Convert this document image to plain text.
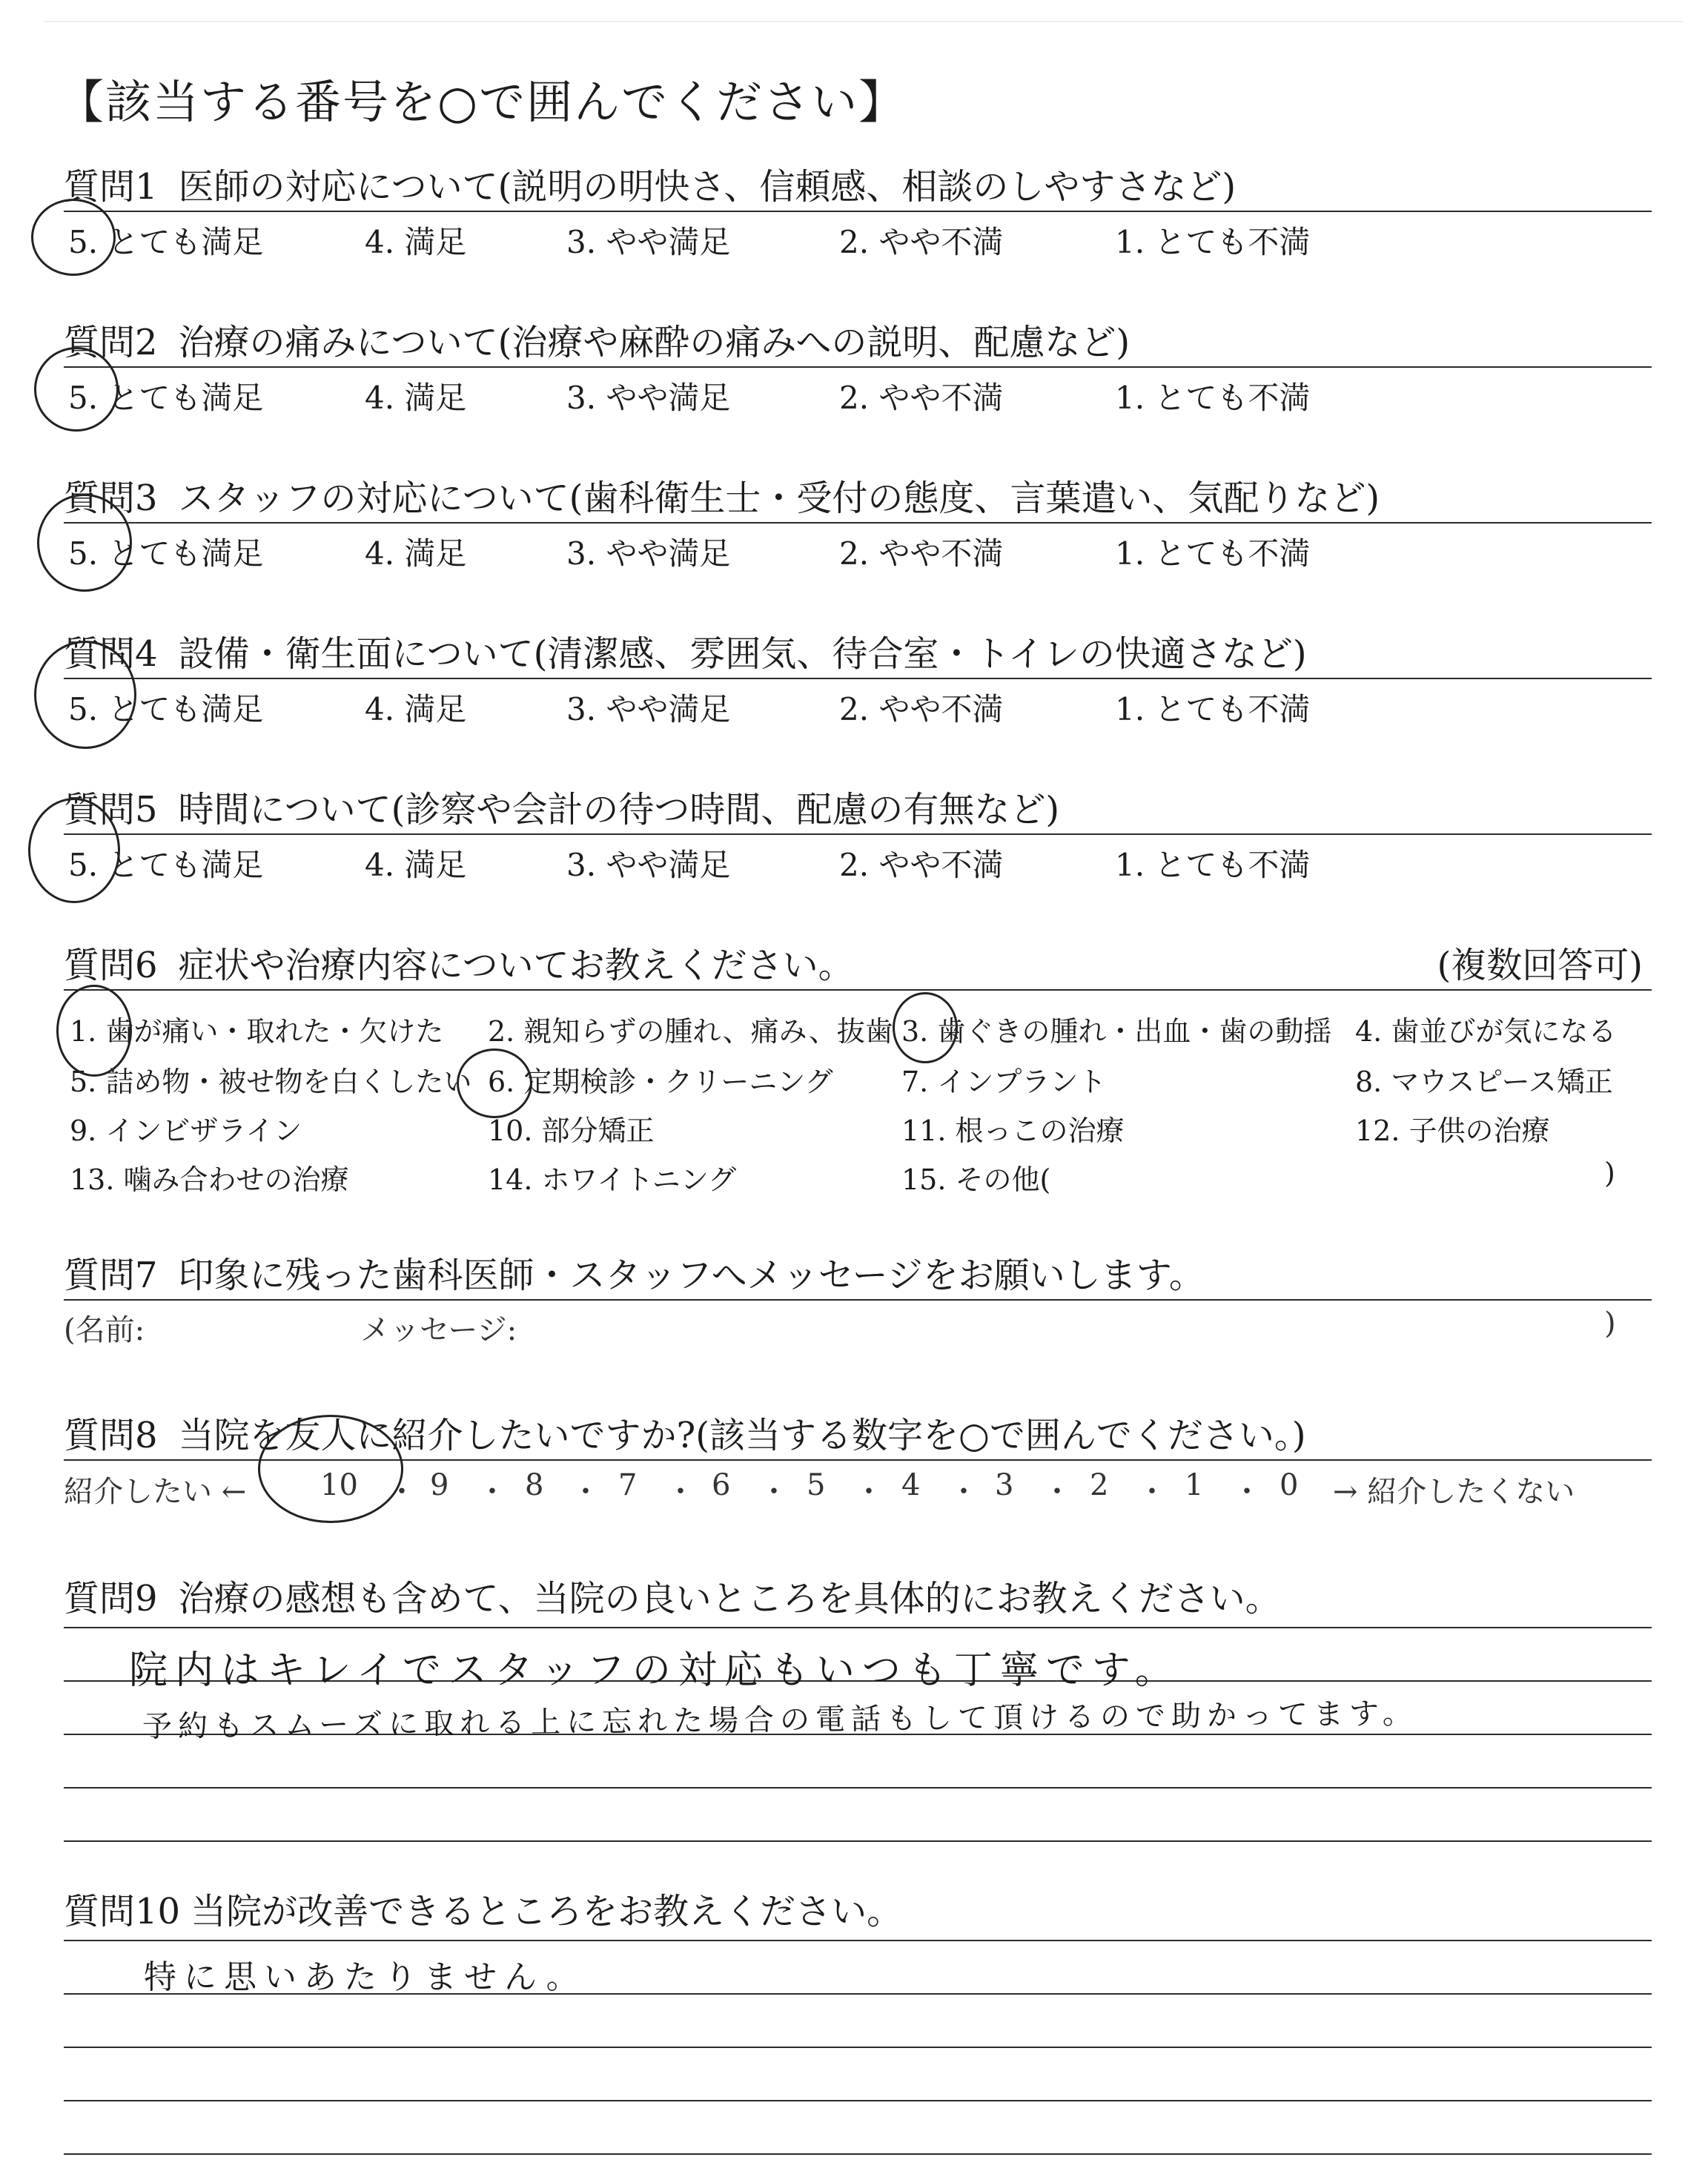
【該当する番号を○で囲んでください】
質問1 医師の対応について(説明の明快さ、信頼感、相談のしやすさなど)
5. とても満足	4. 満足	3. やや満足	2. やや不満	1. とても不満
質問2 治療の痛みについて(治療や麻酔の痛みへの説明、配慮など)
5. とても満足	4. 満足	3. やや満足	2. やや不満	1. とても不満
質問3 スタッフの対応について(歯科衛生士・受付の態度、言葉遣い、気配りなど)
5. とても満足	4. 満足	3. やや満足	2. やや不満	1. とても不満
質問4 設備・衛生面について(清潔感、雰囲気、待合室・トイレの快適さなど)
5. とても満足	4. 満足	3. やや満足	2. やや不満	1. とても不満
質問5 時間について(診察や会計の待つ時間、配慮の有無など)
5. とても満足	4. 満足	3. やや満足	2. やや不満	1. とても不満
質問6 症状や治療内容についてお教えください。	(複数回答可)
1. 歯が痛い・取れた・欠けた 2. 親知らずの腫れ、痛み、抜歯 3. 歯ぐきの腫れ・出血・歯の動揺 4. 歯並びが気になる
5. 詰め物・被せ物を白くしたい 6. 定期検診・クリーニング 7. インプラント	8. マウスピース矯正
9. インビザライン	10. 部分矯正	11. 根っこの治療	12. 子供の治療
13. 噛み合わせの治療	14. ホワイトニング	15. その他(	)
質問7 印象に残った歯科医師・スタッフへメッセージをお願いします。
(名前:	メッセージ:	)
質問8 当院を友人に紹介したいですか?(該当する数字を○で囲んでください。)
紹介したい ← 10 ・ 9 ・ 8 ・ 7 ・ 6 ・ 5 ・ 4 ・ 3 ・ 2 ・ 1 ・ 0 → 紹介したくない
質問9 治療の感想も含めて、当院の良いところを具体的にお教えください。
院内はキレイでスタッフの対応もいつも丁寧です。
予約もスムーズに取れる上に忘れた場合の電話もして頂けるので助かってます。
質問10 当院が改善できるところをお教えください。
特に思いあたりません。
